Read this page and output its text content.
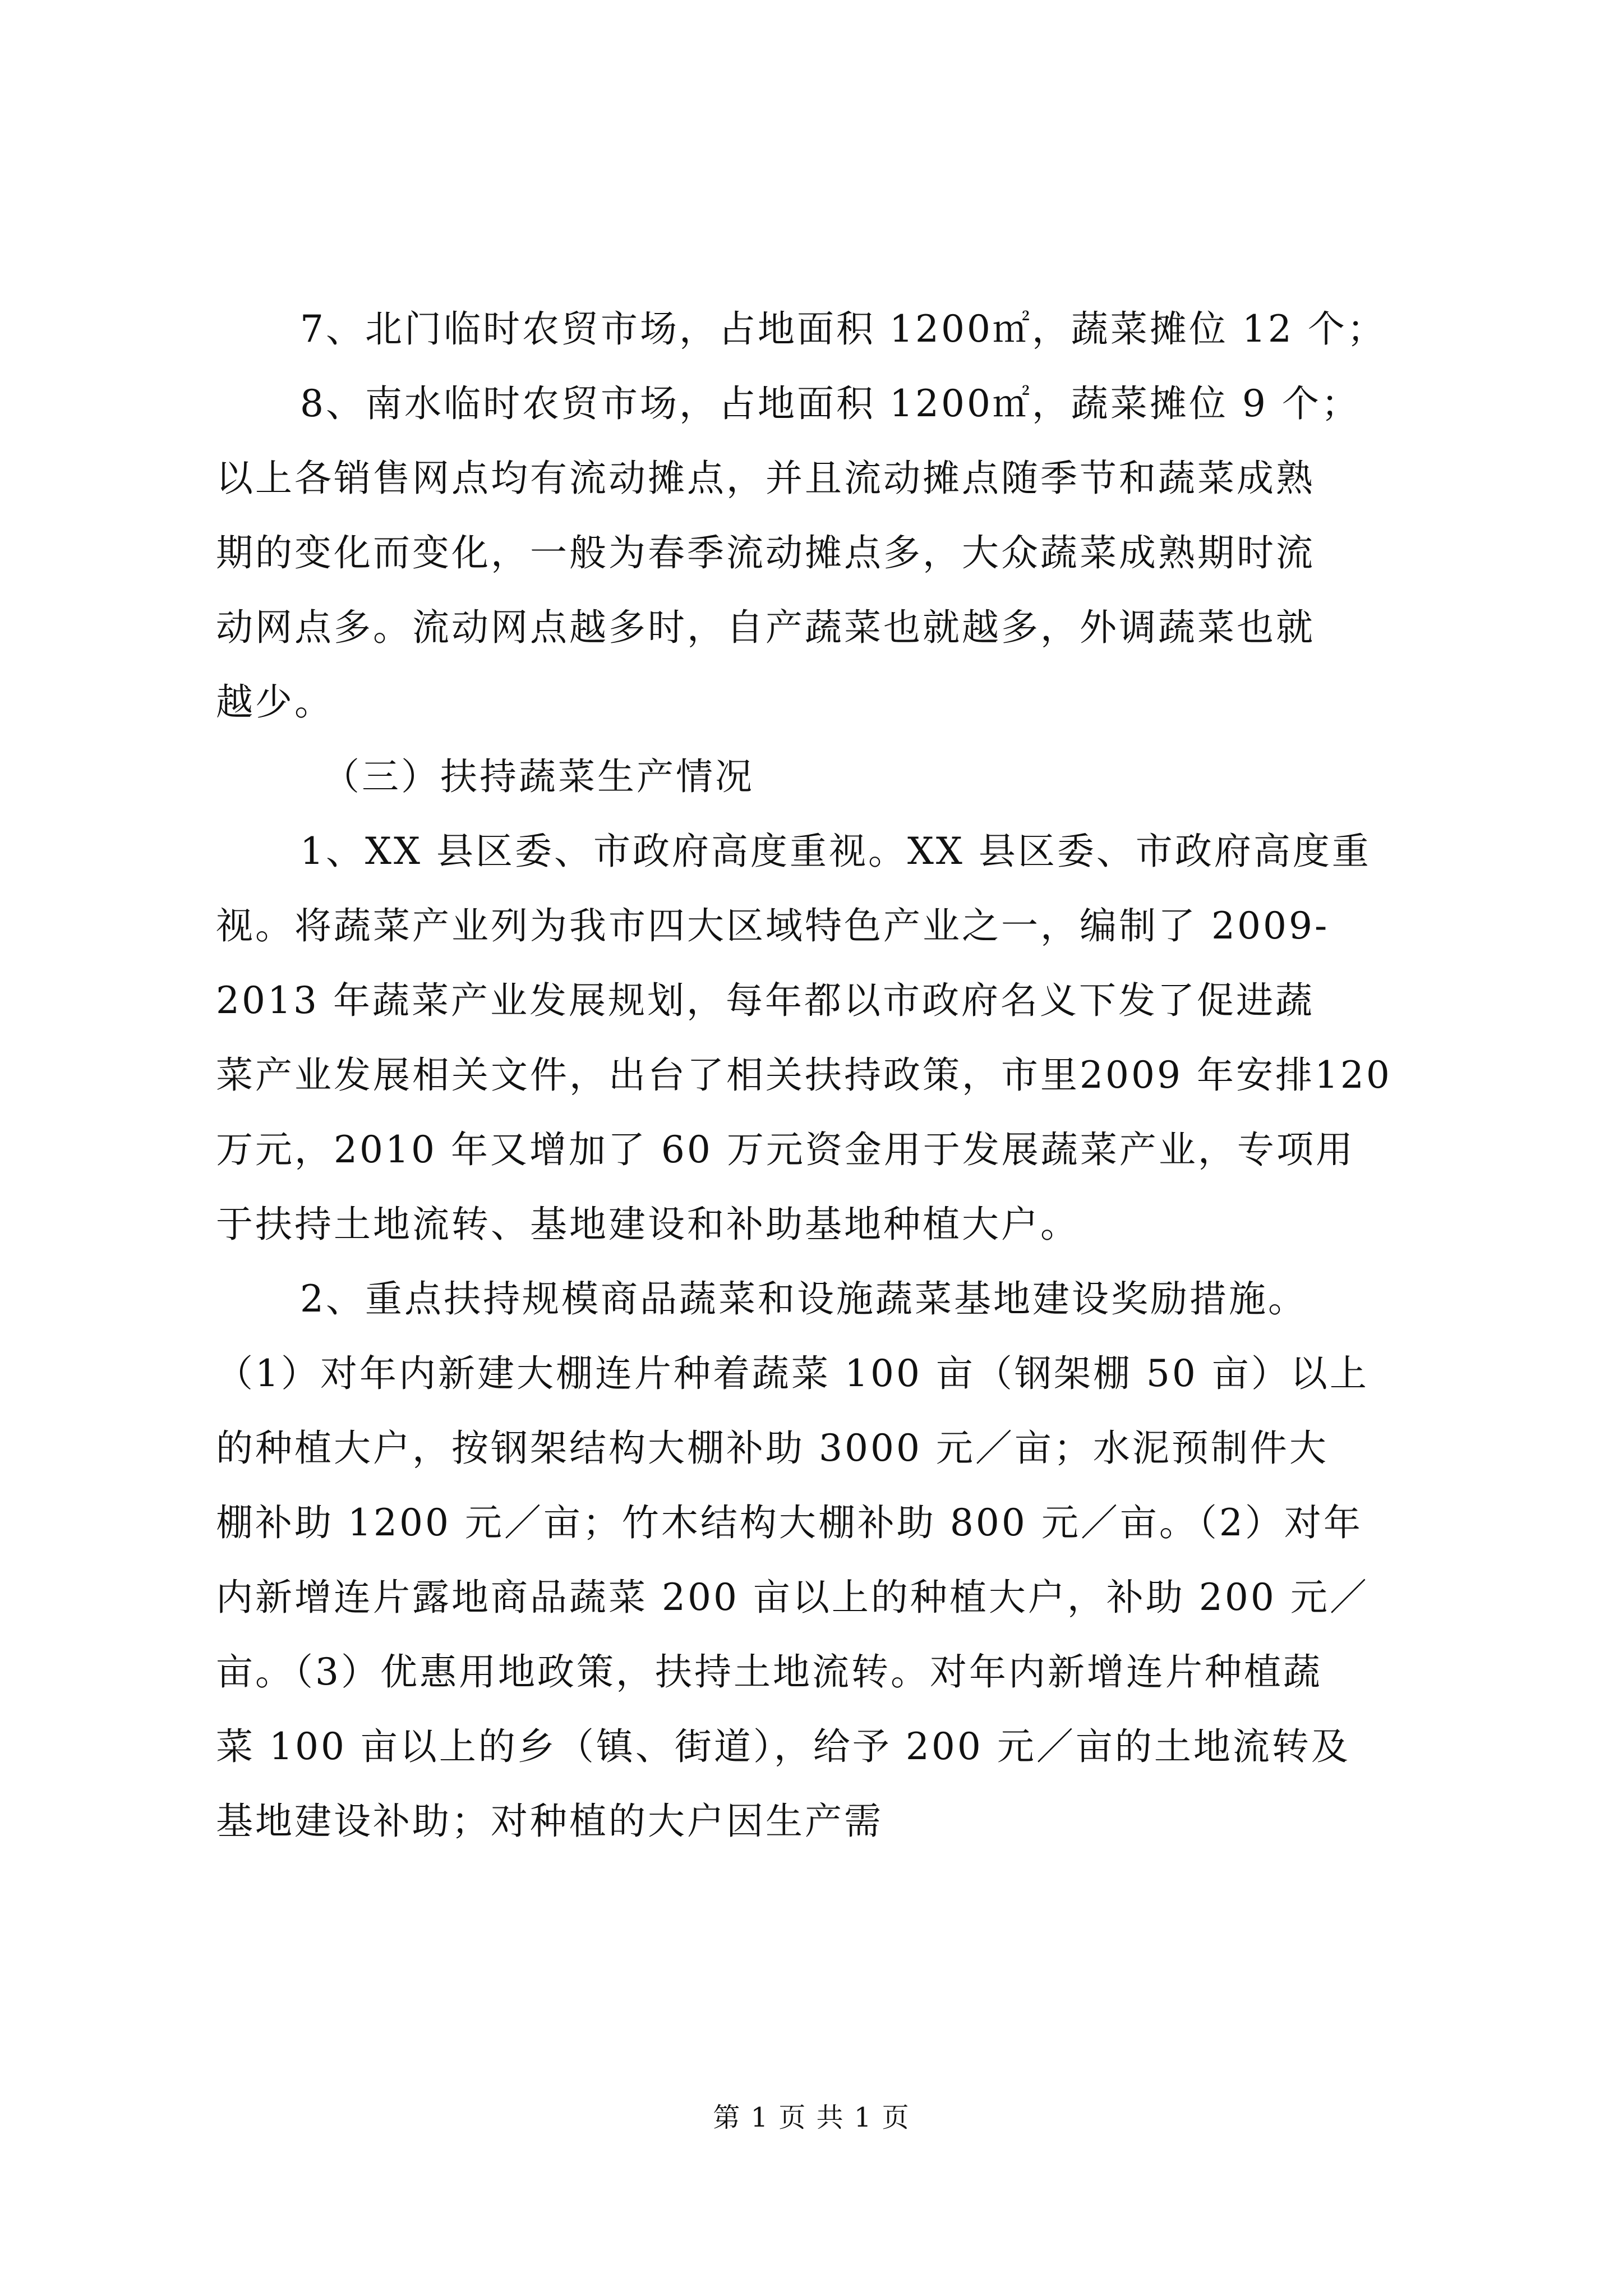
7、北门临时农贸市场，占地面积 1200㎡，蔬菜摊位 12 个；
8、南水临时农贸市场，占地面积 1200㎡，蔬菜摊位 9 个；
以上各销售网点均有流动摊点，并且流动摊点随季节和蔬菜成熟
期的变化而变化，一般为春季流动摊点多，大众蔬菜成熟期时流
动网点多。流动网点越多时，自产蔬菜也就越多，外调蔬菜也就
越少。
（三）扶持蔬菜生产情况
1、XX 县区委、市政府高度重视。XX 县区委、市政府高度重
视。将蔬菜产业列为我市四大区域特色产业之一，编制了 2009-
2013 年蔬菜产业发展规划，每年都以市政府名义下发了促进蔬
菜产业发展相关文件，出台了相关扶持政策，市里2009 年安排120
万元，2010 年又增加了 60 万元资金用于发展蔬菜产业，专项用
于扶持土地流转、基地建设和补助基地种植大户。
2、重点扶持规模商品蔬菜和设施蔬菜基地建设奖励措施。
（1）对年内新建大棚连片种着蔬菜 100 亩（钢架棚 50 亩）以上
的种植大户，按钢架结构大棚补助 3000 元／亩；水泥预制件大
棚补助 1200 元／亩；竹木结构大棚补助 800 元／亩。（2）对年
内新增连片露地商品蔬菜 200 亩以上的种植大户，补助 200 元／
亩。（3）优惠用地政策，扶持土地流转。对年内新增连片种植蔬
菜 100 亩以上的乡（镇、街道），给予 200 元／亩的土地流转及
基地建设补助；对种植的大户因生产需
第 1 页 共 1 页
